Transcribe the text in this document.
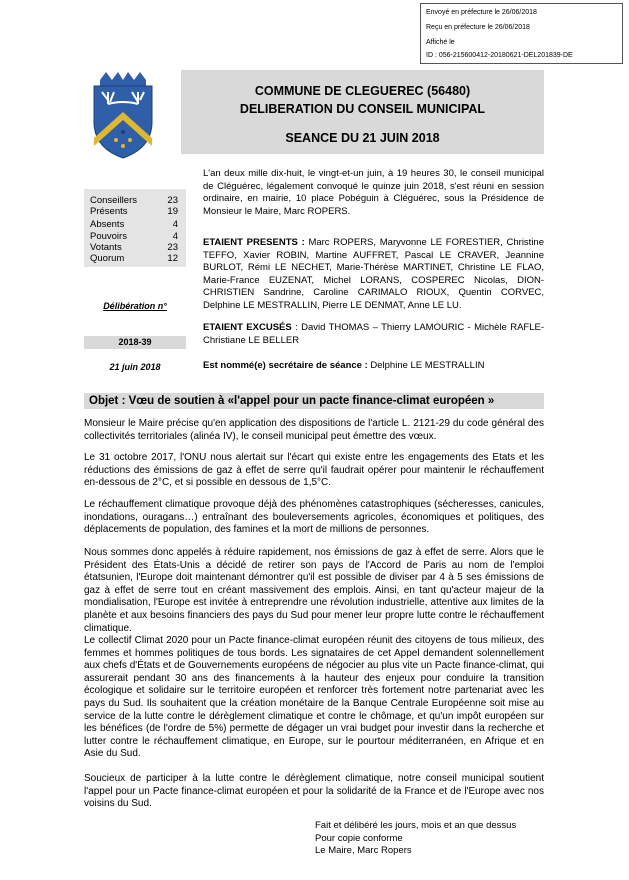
Envoyé en préfecture le 26/06/2018
Reçu en préfecture le 26/06/2018
Affiché le
ID : 056-215600412-20180621-DEL201839-DE
COMMUNE DE CLEGUEREC (56480)
DELIBERATION DU CONSEIL MUNICIPAL
SEANCE DU 21 JUIN 2018
Conseillers	23
Présents	19
Absents	4
Pouvoirs	4
Votants	23
Quorum	12
Délibération n°
2018-39
21 juin 2018
L'an deux mille dix-huit, le vingt-et-un juin, à 19 heures 30, le conseil municipal de Cléguérec, légalement convoqué le quinze juin 2018, s'est réuni en session ordinaire, en mairie, 10 place Pobéguin à Cléguérec, sous la Présidence de Monsieur le Maire, Marc ROPERS.
ETAIENT PRESENTS : Marc ROPERS, Maryvonne LE FORESTIER, Christine TEFFO, Xavier ROBIN, Martine AUFFRET, Pascal LE CRAVER, Jeannine BURLOT, Rémi LE NECHET, Marie-Thérèse MARTINET, Christine LE FLAO, Marie-France EUZENAT, Michel LORANS, COSPEREC Nicolas, DION-CHRISTIEN Sandrine, Caroline CARIMALO RIOUX, Quentin CORVEC, Delphine LE MESTRALLIN, Pierre LE DENMAT, Anne LE LU.
ETAIENT EXCUSÉS : David THOMAS – Thierry LAMOURIC - Michèle RAFLE-Christiane LE BELLER
Est nommé(e) secrétaire de séance : Delphine LE MESTRALLIN
Objet : Vœu de soutien à «l'appel pour un pacte finance-climat européen »
Monsieur le Maire précise qu'en application des dispositions de l'article L. 2121-29 du code général des collectivités territoriales (alinéa IV), le conseil municipal peut émettre des vœux.
Le 31 octobre 2017, l'ONU nous alertait sur l'écart qui existe entre les engagements des Etats et les réductions des émissions de gaz à effet de serre qu'il faudrait opérer pour maintenir le réchauffement en-dessous de 2°C, et si possible en dessous de 1,5°C.
Le réchauffement climatique provoque déjà des phénomènes catastrophiques (sécheresses, canicules, inondations, ouragans…) entraînant des bouleversements agricoles, économiques et politiques, des déplacements de population, des famines et la mort de millions de personnes.
Nous sommes donc appelés à réduire rapidement, nos émissions de gaz à effet de serre. Alors que le Président des États-Unis a décidé de retirer son pays de l'Accord de Paris au nom de l'emploi étatsunien, l'Europe doit maintenant démontrer qu'il est possible de diviser par 4 à 5 ses émissions de gaz à effet de serre tout en créant massivement des emplois. Ainsi, en tant qu'acteur majeur de la mondialisation, l'Europe est invitée à entreprendre une révolution industrielle, attentive aux limites de la planète et aux besoins financiers des pays du Sud pour mener leur propre lutte contre le réchauffement climatique.
Le collectif Climat 2020 pour un Pacte finance-climat européen réunit des citoyens de tous milieux, des femmes et hommes politiques de tous bords. Les signataires de cet Appel demandent solennellement aux chefs d'États et de Gouvernements européens de négocier au plus vite un Pacte finance-climat, qui assurerait pendant 30 ans des financements à la hauteur des enjeux pour conduire la transition écologique et solidaire sur le territoire européen et renforcer très fortement notre partenariat avec les pays du Sud. Ils souhaitent que la création monétaire de la Banque Centrale Européenne soit mise au service de la lutte contre le dérèglement climatique et contre le chômage, et qu'un impôt européen sur les bénéfices (de l'ordre de 5%) permette de dégager un vrai budget pour investir dans la recherche et lutter contre le réchauffement climatique, en Europe, sur le pourtour méditerranéen, en Afrique et en Asie du Sud.
Soucieux de participer à la lutte contre le dérèglement climatique, notre conseil municipal soutient l'appel pour un Pacte finance-climat européen et pour la solidarité de la France et de l'Europe avec nos voisins du Sud.
Fait et délibéré les jours, mois et an que dessus
Pour copie conforme
Le Maire, Marc Ropers
